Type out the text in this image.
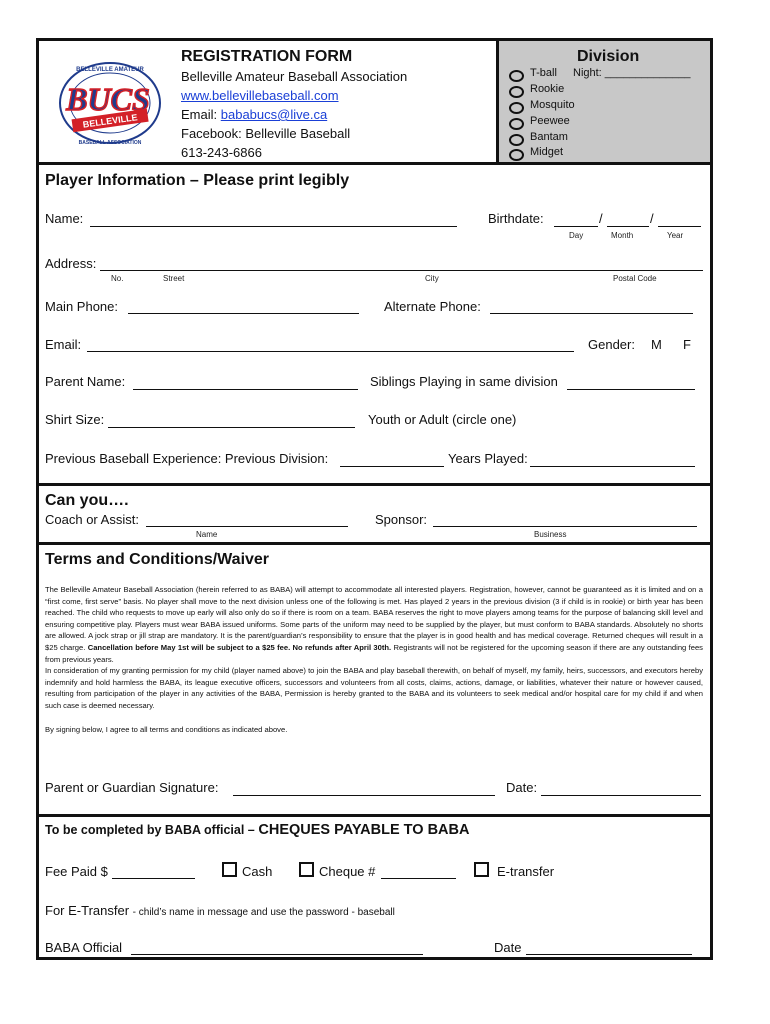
BELLEVILLE AMATEUR
BASEBALL ASSOCIATION
BUCS
BELLEVILLE
REGISTRATION FORM
Belleville Amateur Baseball Association
www.bellevillebaseball.com
Email: bababucs@live.ca
Facebook: Belleville Baseball
613-243-6866
Division
T-ball Night: ______________
Rookie
Mosquito
Peewee
Bantam
Midget
Player Information – Please print legibly
Name:	Birthdate:	/	/
Day	Month	Year
Address:
No.	Street	City	Postal Code
Main Phone:	Alternate Phone:
Email:	Gender: M F
Parent Name:	Siblings Playing in same division
Shirt Size:	Youth or Adult (circle one)
Previous Baseball Experience: Previous Division:	Years Played:
Can you….
Coach or Assist:
Name
Sponsor:
Business
Terms and Conditions/Waiver

The Belleville Amateur Baseball Association (herein referred to as BABA) will attempt to accommodate all interested players. Registration, however, cannot be guaranteed as it is limited and on a “first come, first serve” basis. No player shall move to the next division unless one of the following is met. Has played 2 years in the previous division (3 if child is in rookie) or birth year has been reached. The child who requests to move up early will also only do so if there is room on a team. BABA reserves the right to move players among teams for the purpose of balancing skill level and ensuring competitive play. Players must wear BABA issued uniforms. Some parts of the uniform may need to be supplied by the player, but must conform to BABA standards. Absolutely no shorts are allowed. A jock strap or jill strap are mandatory. It is the parent/guardian’s responsibility to ensure that the player is in good health and has medical coverage. Returned cheques will result in a $25 charge. Cancellation before May 1st will be subject to a $25 fee. No refunds after April 30th. Registrants will not be registered for the upcoming season if there are any outstanding fees from previous years.

In consideration of my granting permission for my child (player named above) to join the BABA and play baseball therewith, on behalf of myself, my family, heirs, successors, and executors hereby indemnify and hold harmless the BABA, its league executive officers, successors and volunteers from all costs, claims, actions, damage, or liabilities, whatever their nature or however caused, resulting from participation of the player in any activities of the BABA, Permission is hereby granted to the BABA and its volunteers to seek medical and/or hospital care for my child if and when such case is deemed necessary.

By signing below, I agree to all terms and conditions as indicated above.

Parent or Guardian Signature:	Date:
To be completed by BABA official – CHEQUES PAYABLE TO BABA
Fee Paid $	Cash	Cheque #	E-transfer
For E-Transfer - child’s name in message and use the password - baseball
BABA Official	Date
